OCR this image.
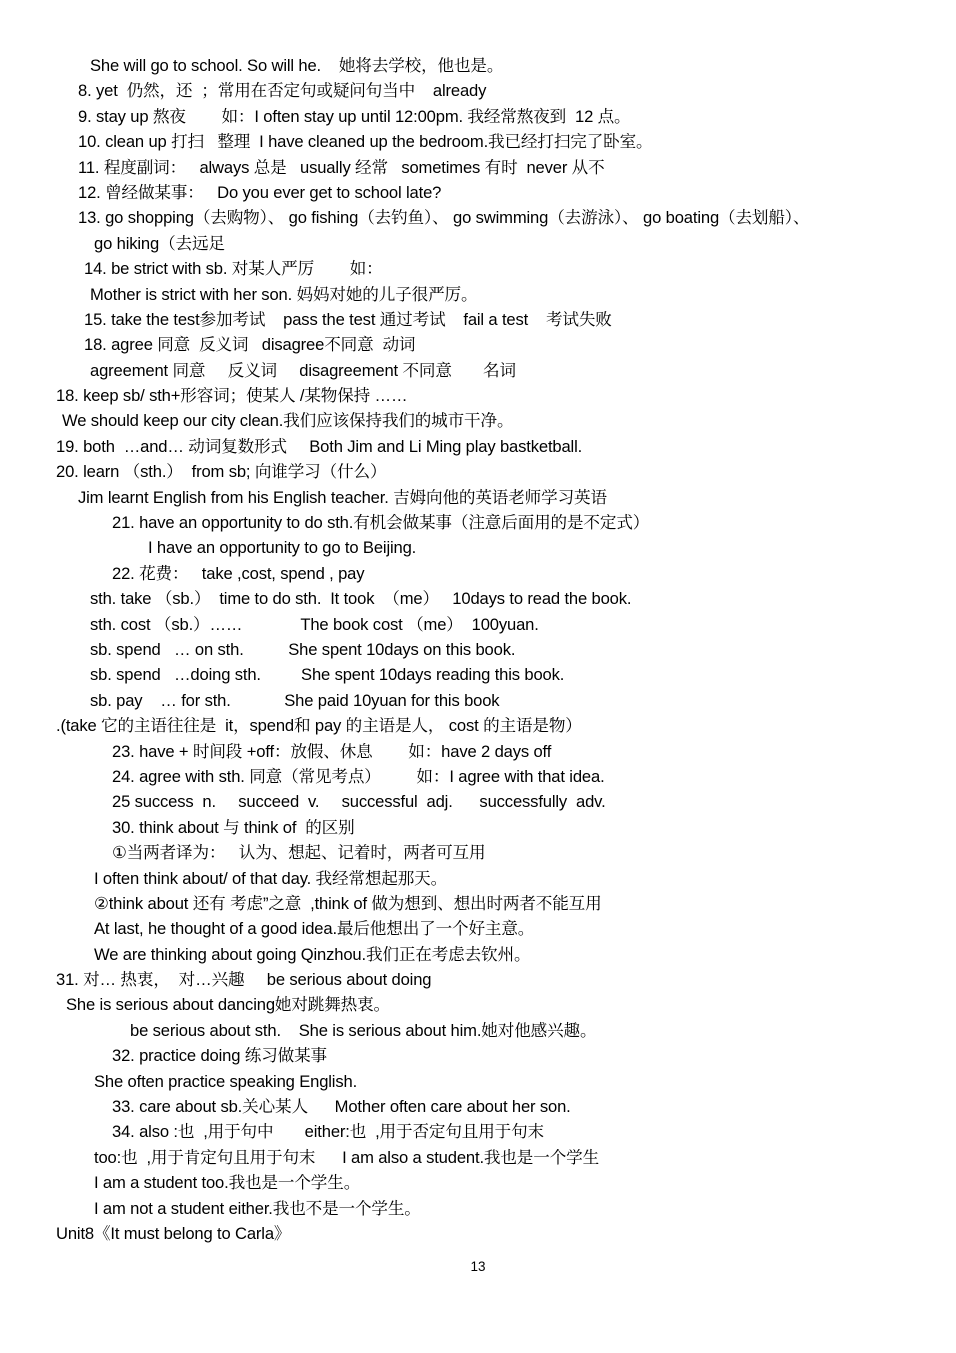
She will go to school. So will he.    她将去学校，他也是。
8. yet  仍然，还  ；常用在否定句或疑问句当中    already
9. stay up 熬夜        如：I often stay up until 12:00pm. 我经常熬夜到  12 点。
10. clean up 打扫   整理  I have cleaned up the bedroom.我已经打扫完了卧室。
11. 程度副词：   always 总是   usually 经常   sometimes 有时  never 从不
12. 曾经做某事：   Do you ever get to school late?
13. go shopping（去购物）、 go fishing（去钓鱼）、 go swimming（去游泳）、 go boating（去划船）、
go hiking（去远足
14. be strict with sb. 对某人严厉        如：
Mother is strict with her son. 妈妈对她的儿子很严厉。
15. take the test参加考试    pass the test 通过考试    fail a test    考试失败
18. agree 同意  反义词   disagree不同意  动词
agreement 同意     反义词     disagreement 不同意       名词
18. keep sb/ sth+形容词；使某人 /某物保持 ……
We should keep our city clean.我们应该保持我们的城市干净。
19. both  …and… 动词复数形式     Both Jim and Li Ming play bastketball.
20. learn （sth.）  from sb; 向谁学习（什么）
Jim learnt English from his English teacher. 吉姆向他的英语老师学习英语
21. have an opportunity to do sth.有机会做某事（注意后面用的是不定式）
I have an opportunity to go to Beijing.
22. 花费：   take ,cost, spend , pay
sth. take （sb.）  time to do sth.  It took  （me）   10days to read the book.
sth. cost （sb.）……             The book cost （me）  100yuan.
sb. spend   … on sth.          She spent 10days on this book.
sb. spend   …doing sth.         She spent 10days reading this book.
sb. pay    … for sth.            She paid 10yuan for this book
.(take 它的主语往往是  it，spend和 pay 的主语是人， cost 的主语是物）
23. have + 时间段 +off：放假、休息        如：have 2 days off
24. agree with sth. 同意（常见考点）        如：I agree with that idea.
25 success  n.     succeed  v.     successful  adj.      successfully  adv.
30. think about 与 think of  的区别
①当两者译为：   认为、想起、记着时，两者可互用
I often think about/ of that day. 我经常想起那天。
②think about 还有 考虑”之意  ,think of 做为想到、想出时两者不能互用
At last, he thought of a good idea.最后他想出了一个好主意。
We are thinking about going Qinzhou.我们正在考虑去钦州。
31. 对… 热衷，  对…兴趣     be serious about doing
She is serious about dancing她对跳舞热衷。
be serious about sth.    She is serious about him.她对他感兴趣。
32. practice doing 练习做某事
She often practice speaking English.
33. care about sb.关心某人      Mother often care about her son.
34. also :也  ,用于句中       either:也  ,用于否定句且用于句末
too:也  ,用于肯定句且用于句末      I am also a student.我也是一个学生
I am a student too.我也是一个学生。
I am not a student either.我也不是一个学生。
Unit8《It must belong to Carla》
13
